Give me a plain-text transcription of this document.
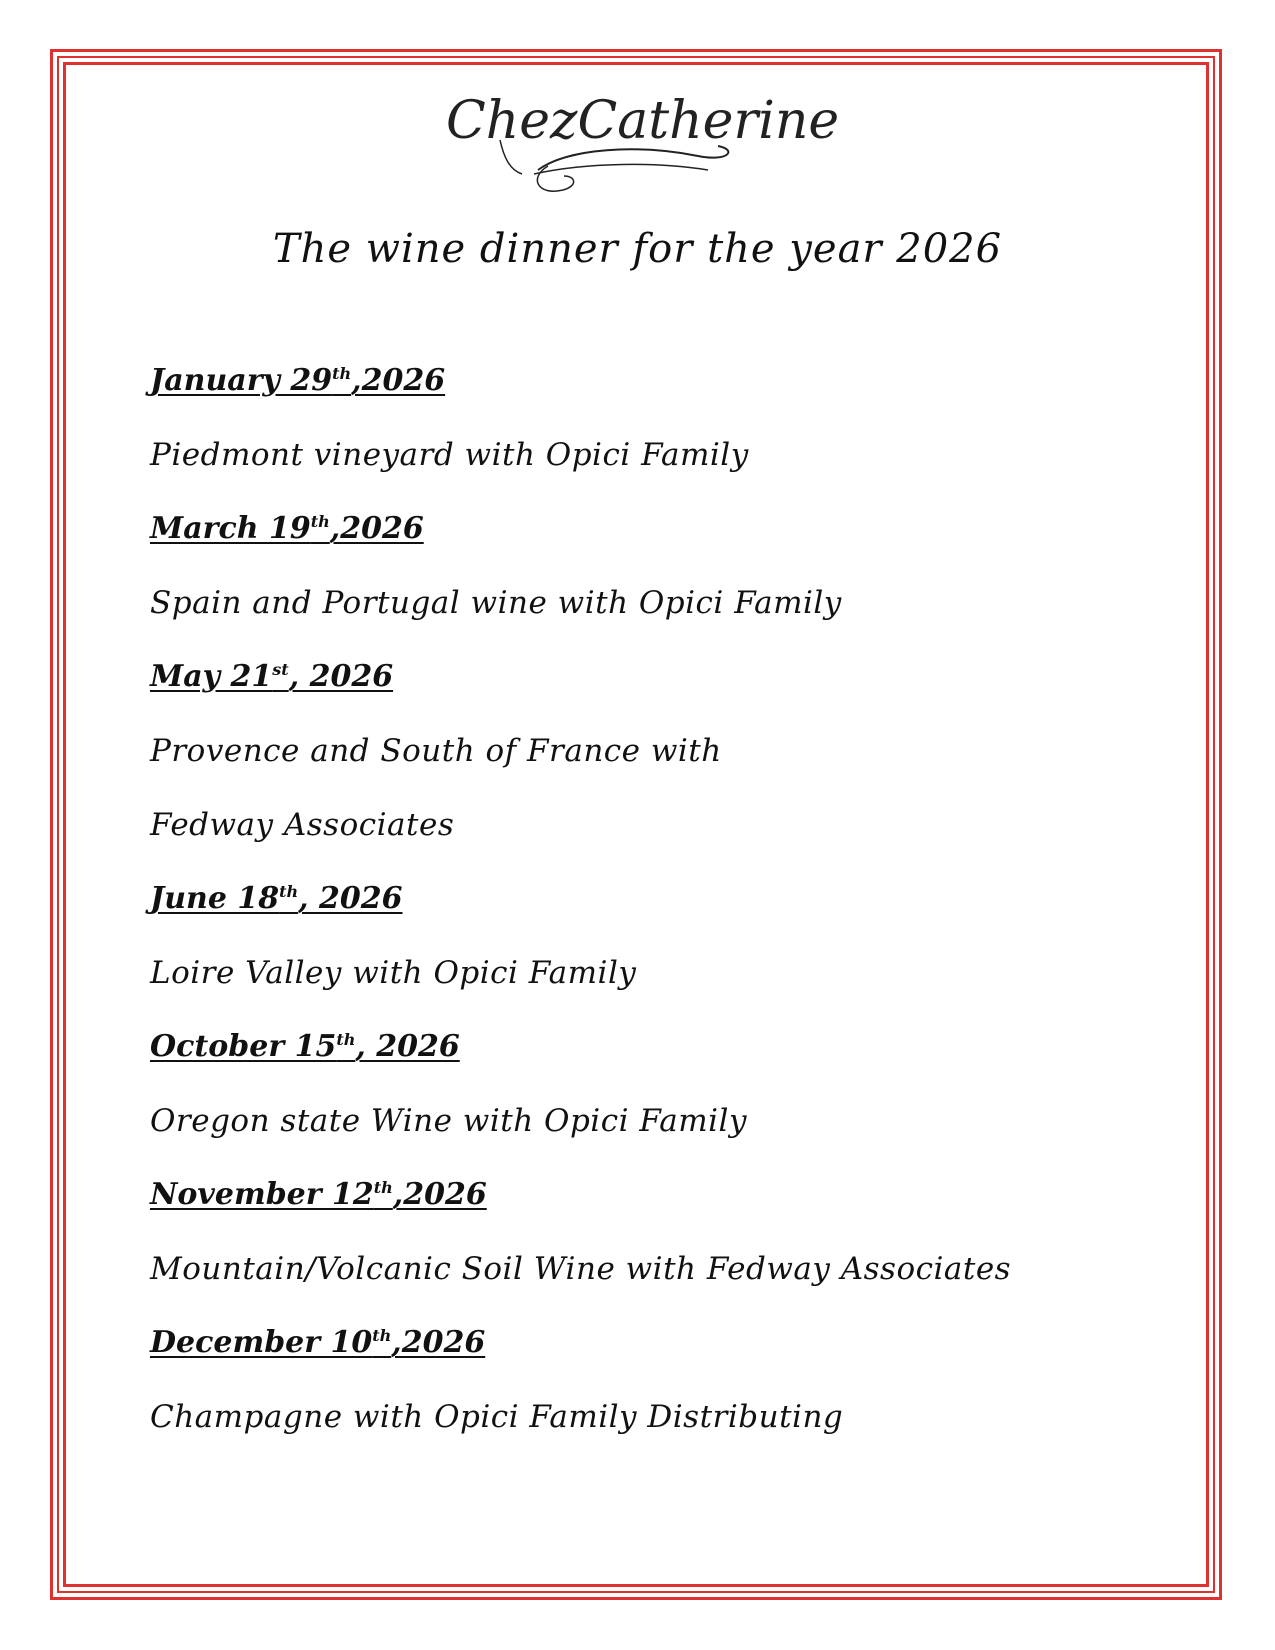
ChezCatherine
The wine dinner for the year 2026
January 29th,2026
Piedmont vineyard with Opici Family
March 19th,2026
Spain and Portugal wine with Opici Family
May 21st, 2026
Provence and South of France with
Fedway Associates
June 18th, 2026
Loire Valley with Opici Family
October 15th, 2026
Oregon state Wine with Opici Family
November 12th,2026
Mountain/Volcanic Soil Wine with Fedway Associates
December 10th,2026
Champagne with Opici Family Distributing
